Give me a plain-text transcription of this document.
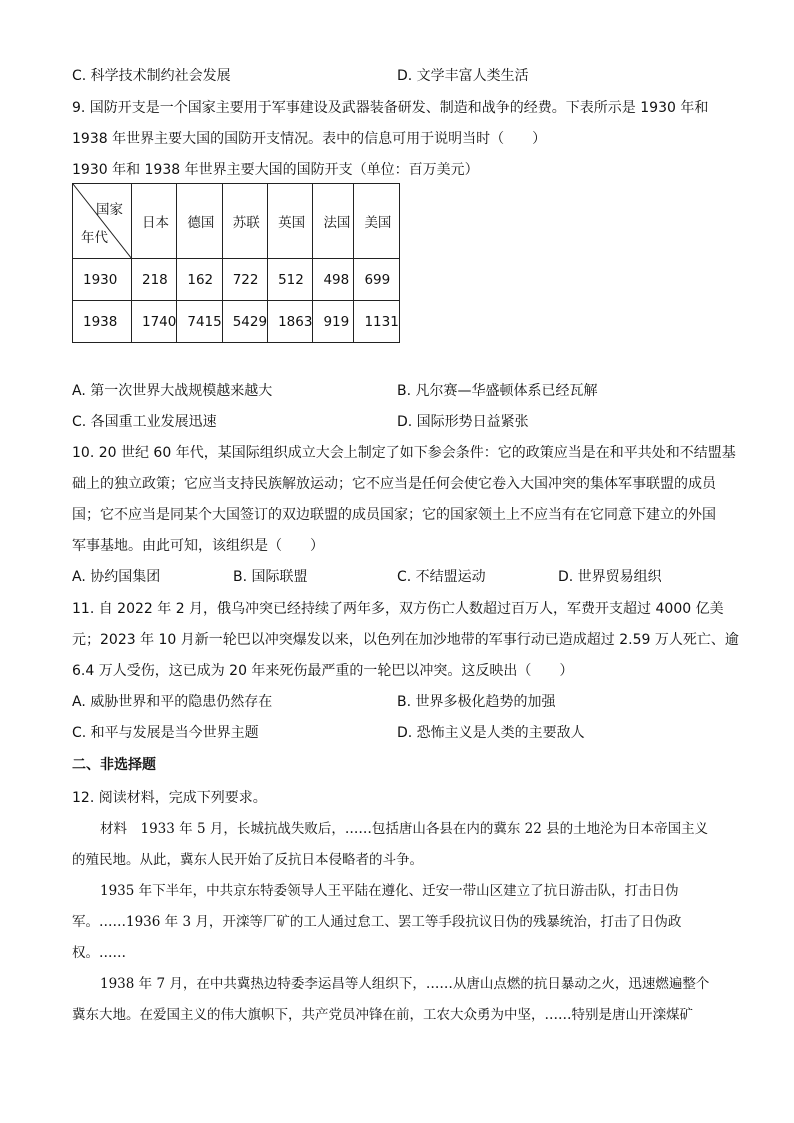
C. 科学技术制约社会发展	D. 文学丰富人类生活
9. 国防开支是一个国家主要用于军事建设及武器装备研发、制造和战争的经费。下表所示是 1930 年和
1938 年世界主要大国的国防开支情况。表中的信息可用于说明当时（　　）
1930 年和 1938 年世界主要大国的国防开支（单位：百万美元）
国家
年代	日本	德国	苏联	英国	法国	美国
1930	218	162	722	512	498	699
1938	1740	7415	5429	1863	919	1131
A. 第一次世界大战规模越来越大	B. 凡尔赛—华盛顿体系已经瓦解
C. 各国重工业发展迅速	D. 国际形势日益紧张
10. 20 世纪 60 年代，某国际组织成立大会上制定了如下参会条件：它的政策应当是在和平共处和不结盟基
础上的独立政策；它应当支持民族解放运动；它不应当是任何会使它卷入大国冲突的集体军事联盟的成员
国；它不应当是同某个大国签订的双边联盟的成员国家；它的国家领土上不应当有在它同意下建立的外国
军事基地。由此可知，该组织是（　　）
A. 协约国集团	B. 国际联盟	C. 不结盟运动	D. 世界贸易组织
11. 自 2022 年 2 月，俄乌冲突已经持续了两年多，双方伤亡人数超过百万人，军费开支超过 4000 亿美
元；2023 年 10 月新一轮巴以冲突爆发以来，以色列在加沙地带的军事行动已造成超过 2.59 万人死亡、逾
6.4 万人受伤，这已成为 20 年来死伤最严重的一轮巴以冲突。这反映出（　　）
A. 威胁世界和平的隐患仍然存在	B. 世界多极化趋势的加强
C. 和平与发展是当今世界主题	D. 恐怖主义是人类的主要敌人
二、非选择题
12. 阅读材料，完成下列要求。
材料　1933 年 5 月，长城抗战失败后，……包括唐山各县在内的冀东 22 县的土地沦为日本帝国主义
的殖民地。从此，冀东人民开始了反抗日本侵略者的斗争。
1935 年下半年，中共京东特委领导人王平陆在遵化、迁安一带山区建立了抗日游击队，打击日伪
军。……1936 年 3 月，开滦等厂矿的工人通过怠工、罢工等手段抗议日伪的残暴统治，打击了日伪政
权。……
1938 年 7 月，在中共冀热边特委李运昌等人组织下，……从唐山点燃的抗日暴动之火，迅速燃遍整个
冀东大地。在爱国主义的伟大旗帜下，共产党员冲锋在前，工农大众勇为中坚，……特别是唐山开滦煤矿
